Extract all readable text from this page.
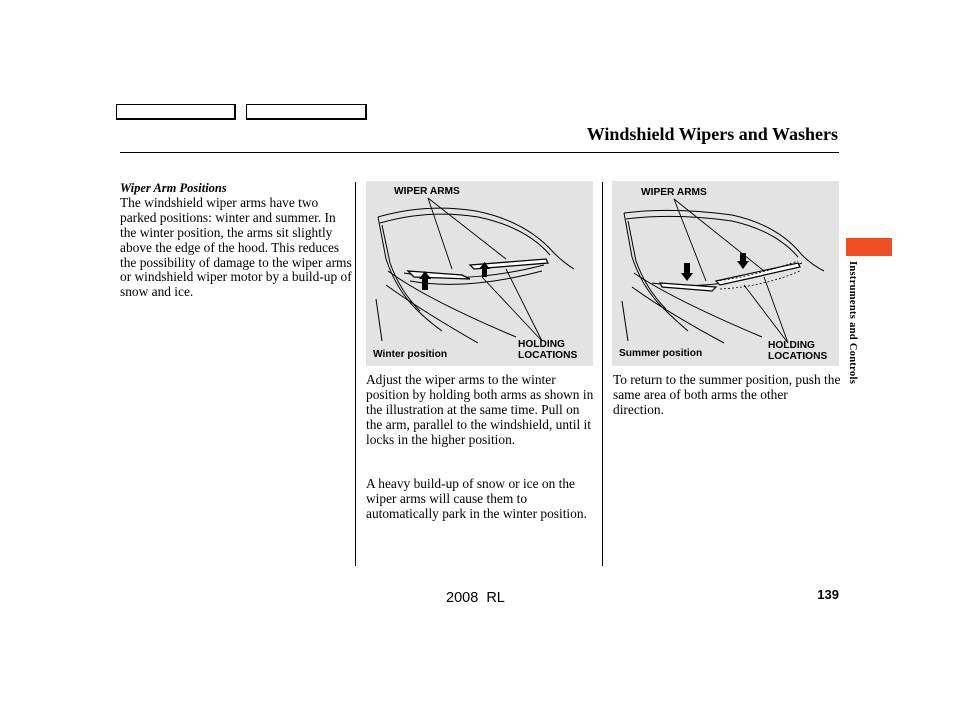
Windshield Wipers and Washers

Wiper Arm Positions

The windshield wiper arms have two parked positions: winter and summer. In the winter position, the arms sit slightly above the edge of the hood. This reduces the possibility of damage to the wiper arms or windshield wiper motor by a build-up of snow and ice.

WIPER ARMS
Winter position
HOLDING
LOCATIONS
WIPER ARMS
Summer position
HOLDING
LOCATIONS

Adjust the wiper arms to the winter position by holding both arms as shown in the illustration at the same time. Pull on the arm, parallel to the windshield, until it locks in the higher position.

A heavy build-up of snow or ice on the wiper arms will cause them to automatically park in the winter position.

To return to the summer position, push the same area of both arms the other direction.

Instruments and Controls
139
2008  RL
